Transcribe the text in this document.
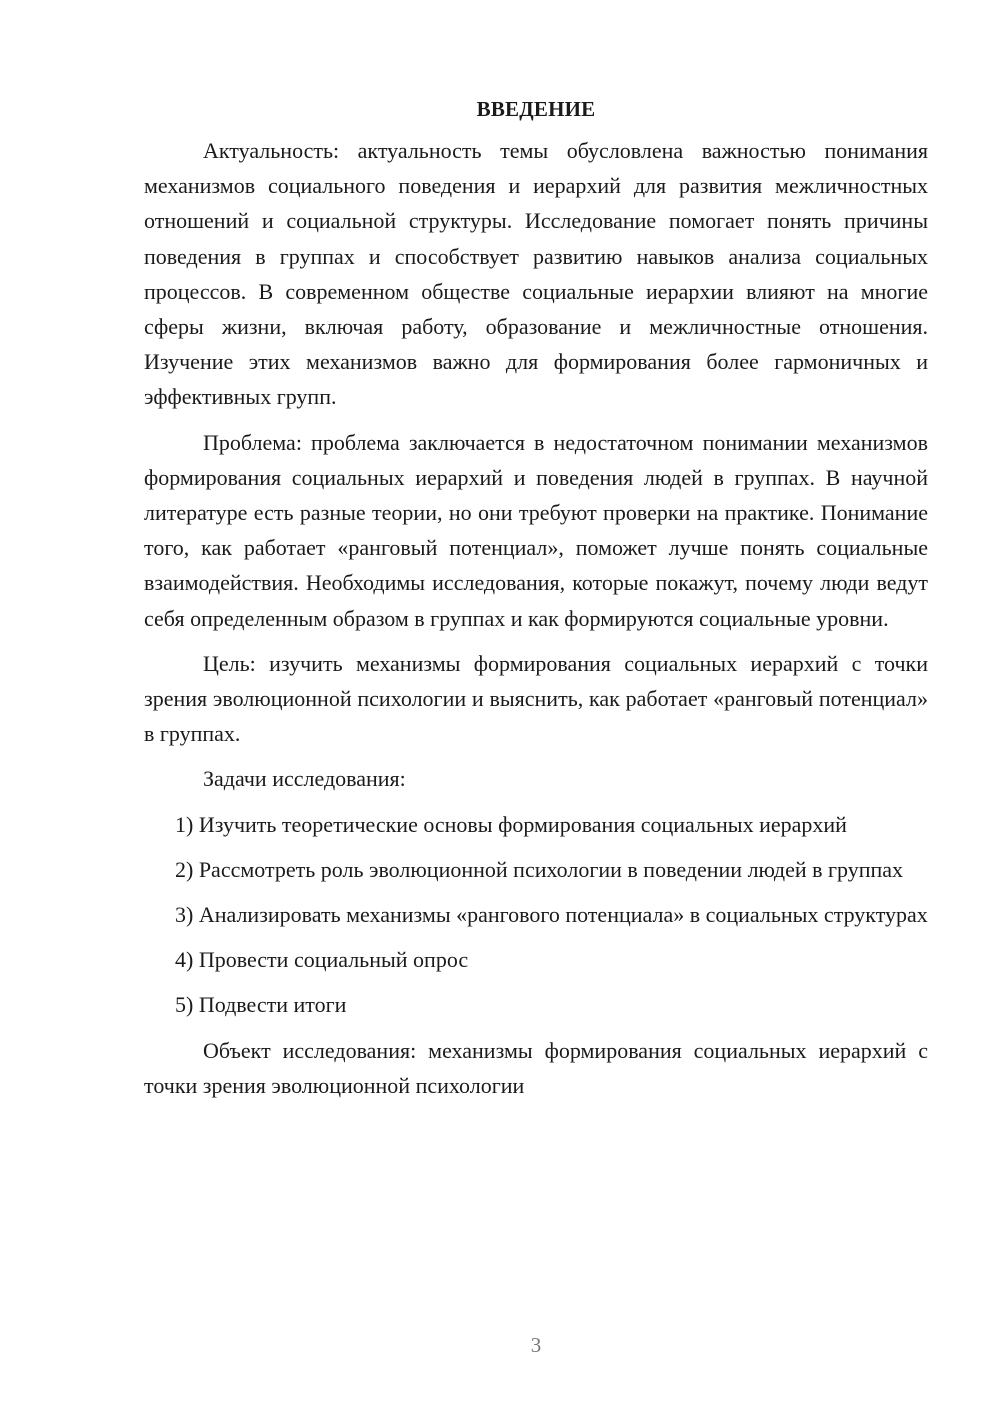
ВВЕДЕНИЕ

Актуальность: актуальность темы обусловлена важностью понимания механизмов социального поведения и иерархий для развития межличностных отношений и социальной структуры. Исследование помогает понять причины поведения в группах и способствует развитию навыков анализа социальных процессов. В современном обществе социальные иерархии влияют на многие сферы жизни, включая работу, образование и межличностные отношения. Изучение этих механизмов важно для формирования более гармоничных и эффективных групп.

Проблема: проблема заключается в недостаточном понимании механизмов формирования социальных иерархий и поведения людей в группах. В научной литературе есть разные теории, но они требуют проверки на практике. Понимание того, как работает «ранговый потенциал», поможет лучше понять социальные взаимодействия. Необходимы исследования, которые покажут, почему люди ведут себя определенным образом в группах и как формируются социальные уровни.

Цель: изучить механизмы формирования социальных иерархий с точки зрения эволюционной психологии и выяснить, как работает «ранговый потенциал» в группах.

Задачи исследования:

1) Изучить теоретические основы формирования социальных иерархий

2) Рассмотреть роль эволюционной психологии в поведении людей в группах

3) Анализировать механизмы «рангового потенциала» в социальных структурах

4) Провести социальный опрос

5) Подвести итоги

Объект исследования: механизмы формирования социальных иерархий с точки зрения эволюционной психологии

3
